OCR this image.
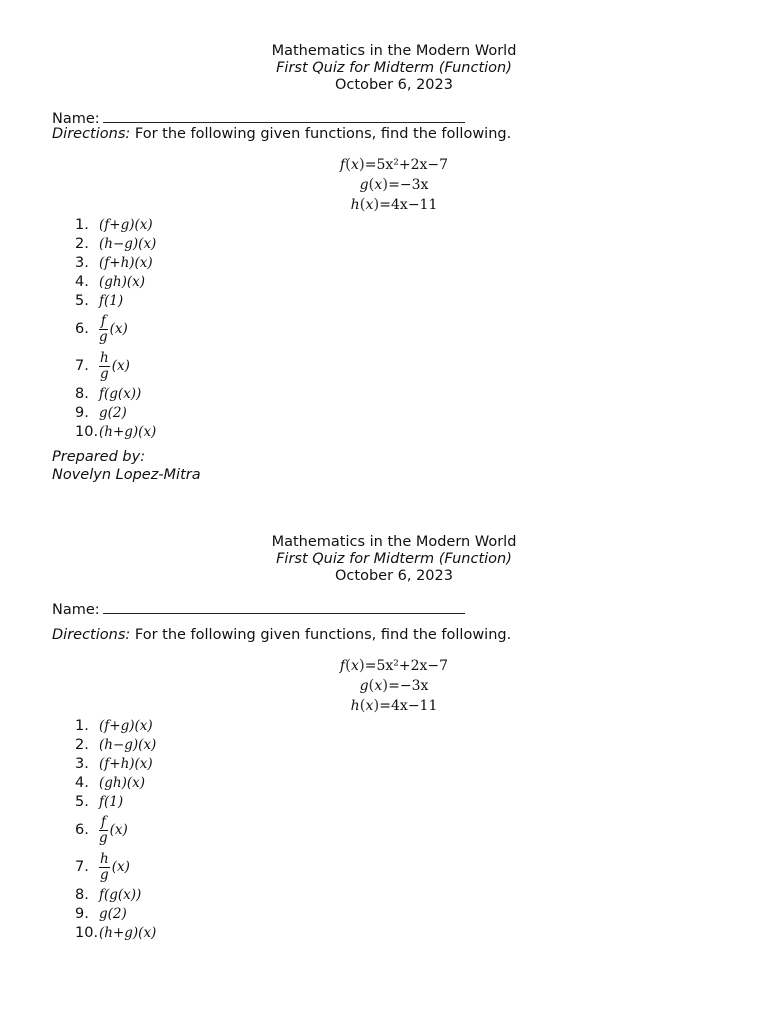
Mathematics in the Modern World
First Quiz for Midterm (Function)
October 6, 2023
Name:
Directions: For the following given functions, find the following.
f(x)=5x²+2x−7
g(x)=−3x
h(x)=4x−11
1. (f+g)(x)
2. (h−g)(x)
3. (f+h)(x)
4. (gh)(x)
5. f(1)
6. $\frac{f}{g} (x)$
7. $\frac{h}{g} (x)$
8. f(g(x))
9. g(2)
10.(h+g)(x)
Prepared by:
Novelyn Lopez-Mitra
Mathematics in the Modern World
First Quiz for Midterm (Function)
October 6, 2023
Name:
Directions: For the following given functions, find the following.
f(x)=5x²+2x−7
g(x)=−3x
h(x)=4x−11
1. (f+g)(x)
2. (h−g)(x)
3. (f+h)(x)
4. (gh)(x)
5. f(1)
6. $\frac{f}{g} (x)$
7. $\frac{h}{g} (x)$
8. f(g(x))
9. g(2)
10.(h+g)(x)
